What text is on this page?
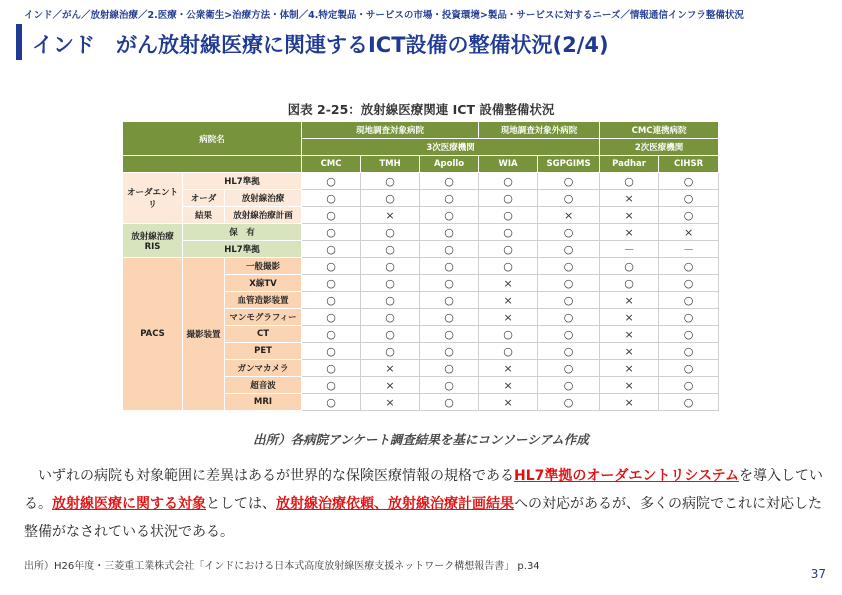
インド／がん／放射線治療／2.医療・公衆衛生>治療方法・体制／4.特定製品・サービスの市場・投資環境>製品・サービスに対するニーズ／情報通信インフラ整備状況
インド　がん放射線医療に関連するICT設備の整備状況(2/4)
図表 2-25：放射線医療関連 ICT 設備整備状況
病院名			現地調査対象病院			現地調査対象外病院		CMC連携病院	
			3次医療機関					2次医療機関	
			CMC	TMH	Apollo	WIA	SGPGIMS	Padhar	CIHSR
オーダエントリ	HL7準拠		○	○	○	○	○	○	○
	オーダ	放射線治療	○	○	○	○	○	×	○
	結果	放射線治療計画	○	×	○	○	×	×	○
放射線治療
RIS	保　有		○	○	○	○	○	×	×
	HL7準拠		○	○	○	○	○	－	－
PACS	撮影装置	一般撮影	○	○	○	○	○	○	○
		X線TV	○	○	○	×	○	○	○
		血管造影装置	○	○	○	×	○	×	○
		マンモグラフィー	○	○	○	×	○	×	○
		CT	○	○	○	○	○	×	○
		PET	○	○	○	○	○	×	○
		ガンマカメラ	○	×	○	×	○	×	○
		超音波	○	×	○	×	○	×	○
		MRI	○	×	○	×	○	×	○
出所）各病院アンケート調査結果を基にコンソーシアム作成
いずれの病院も対象範囲に差異はあるが世界的な保険医療情報の規格であるHL7準拠のオーダエントリシステムを導入している。放射線医療に関する対象としては、放射線治療依頼、放射線治療計画結果への対応があるが、多くの病院でこれに対応した整備がなされている状況である。
出所）H26年度・三菱重工業株式会社「インドにおける日本式高度放射線医療支援ネットワーク構想報告書」 p.34
37
